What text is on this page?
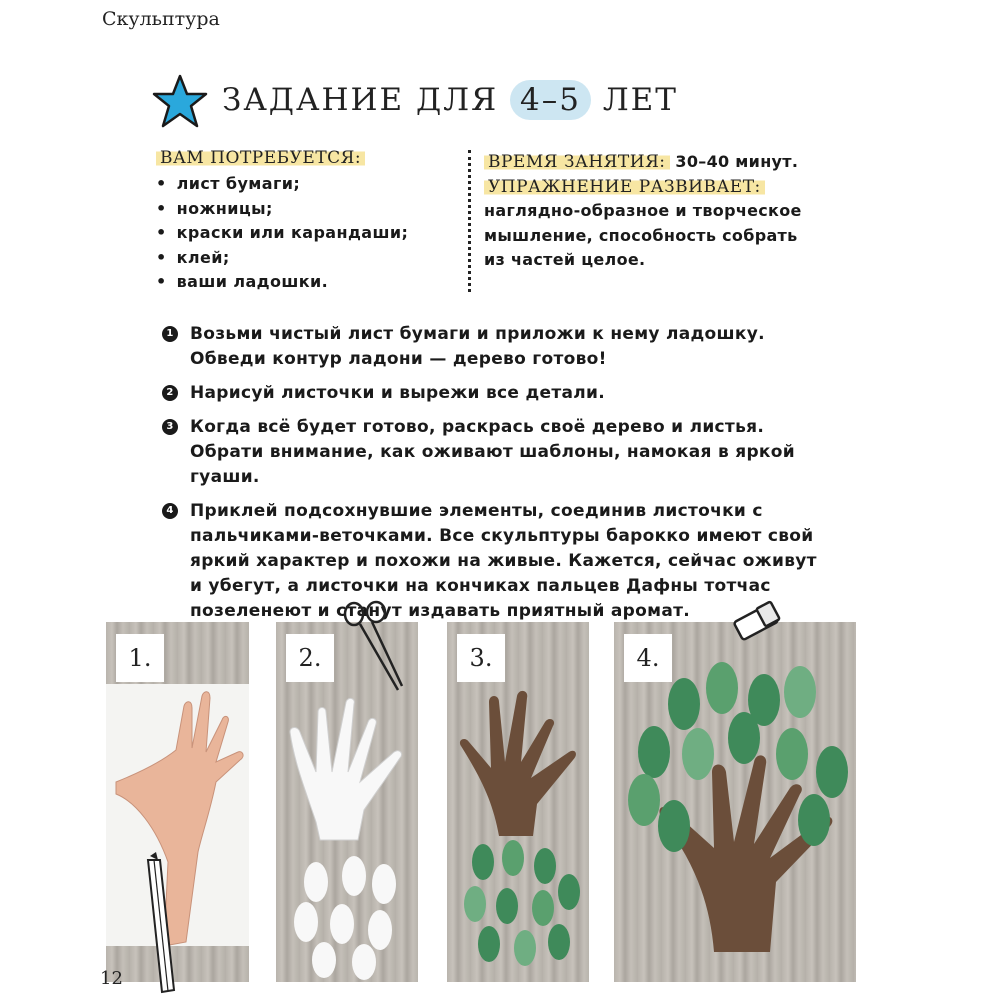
Скульптура
ЗАДАНИЕ ДЛЯ 4–5 ЛЕТ
ВАМ ПОТРЕБУЕТСЯ:
• лист бумаги;
• ножницы;
• краски или карандаши;
• клей;
• ваши ладошки.
ВРЕМЯ ЗАНЯТИЯ: 30–40 минут.
УПРАЖНЕНИЕ РАЗВИВАЕТ: наглядно-образное и творческое мышление, способность собрать из частей целое.
1 Возьми чистый лист бумаги и приложи к нему ладошку. Обведи контур ладони — дерево готово!
2 Нарисуй листочки и вырежи все детали.
3 Когда всё будет готово, раскрась своё дерево и листья. Обрати внимание, как оживают шаблоны, намокая в яркой гуаши.
4 Приклей подсохнувшие элементы, соединив листочки с пальчиками-веточками. Все скульптуры барокко имеют свой яркий характер и похожи на живые. Кажется, сейчас оживут и убегут, а листочки на кончиках пальцев Дафны тотчас позеленеют и станут издавать приятный аромат.
1.	2.	3.	4.
12
